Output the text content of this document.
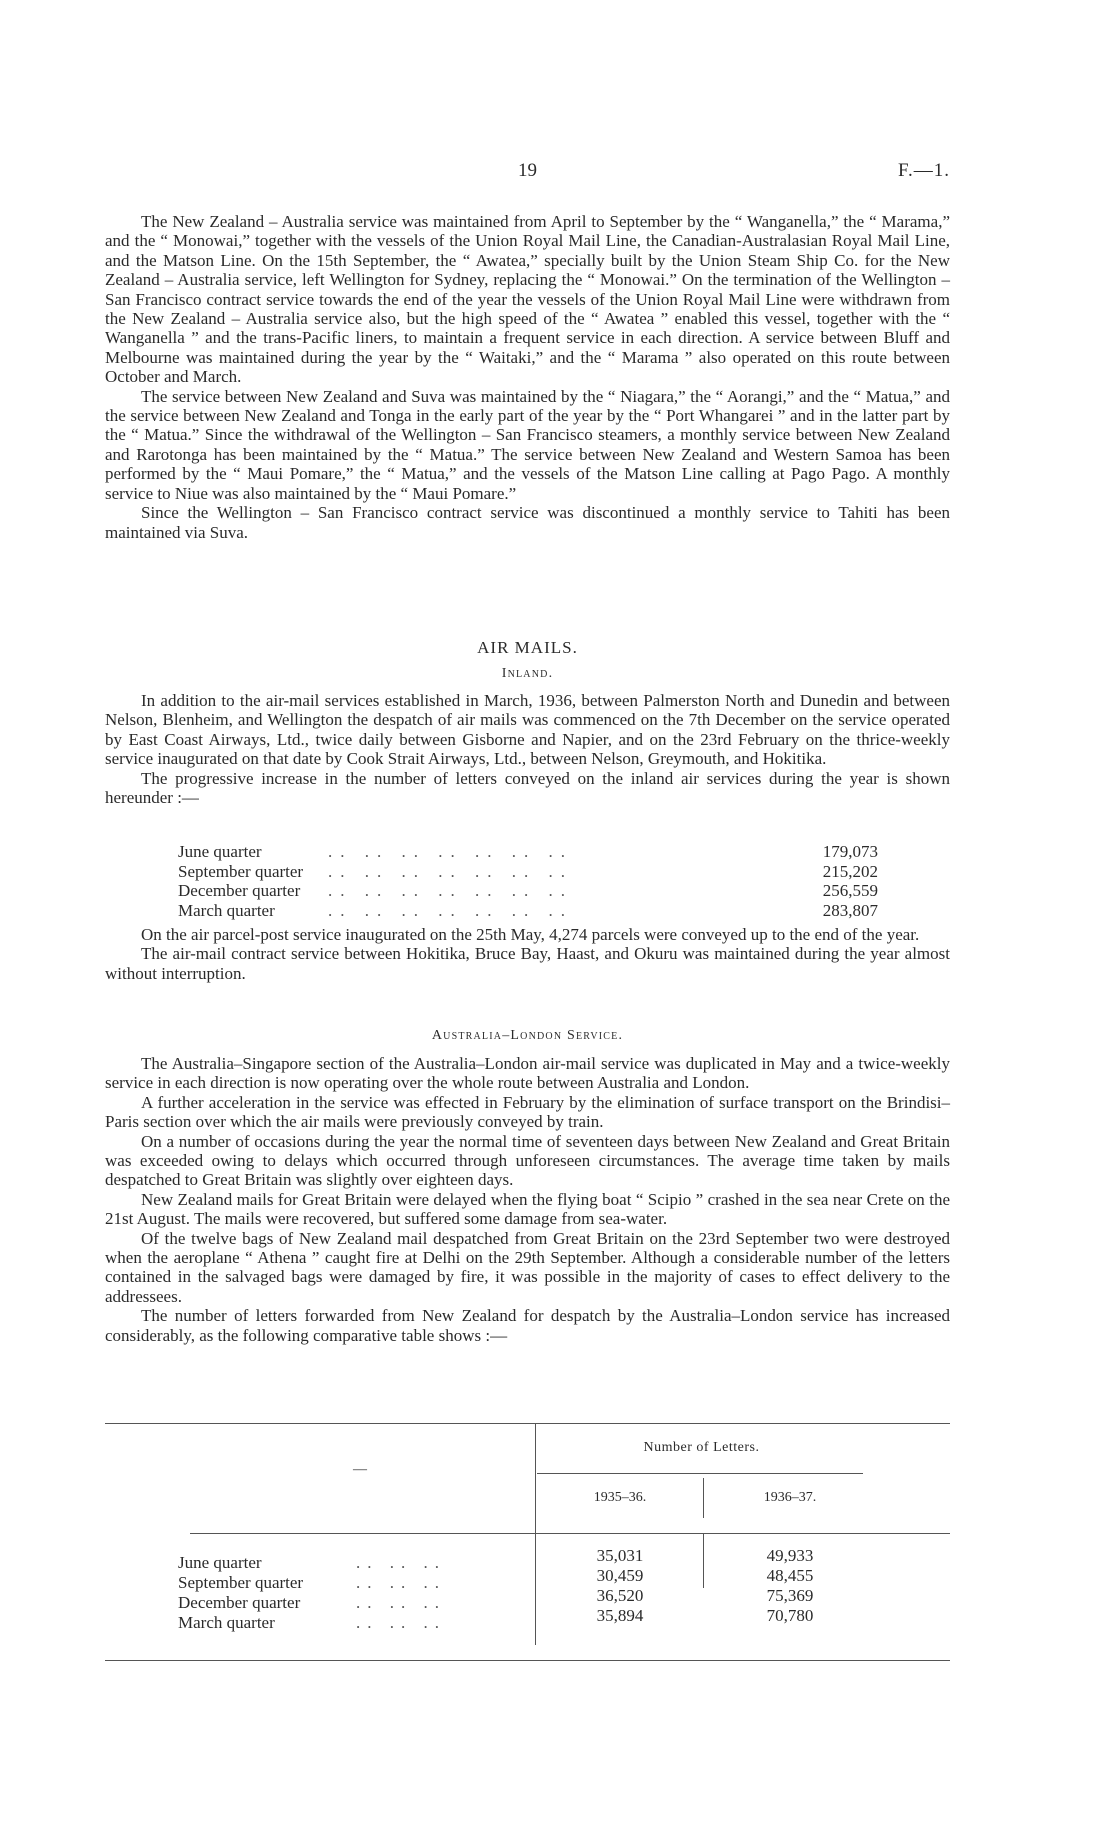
19	F.—1.

The New Zealand – Australia service was maintained from April to September by the “ Wanganella,” the “ Marama,” and the “ Monowai,” together with the vessels of the Union Royal Mail Line, the Canadian-Australasian Royal Mail Line, and the Matson Line. On the 15th September, the “ Awatea,” specially built by the Union Steam Ship Co. for the New Zealand – Australia service, left Wellington for Sydney, replacing the “ Monowai.” On the termination of the Wellington – San Francisco contract service towards the end of the year the vessels of the Union Royal Mail Line were withdrawn from the New Zealand – Australia service also, but the high speed of the “ Awatea ” enabled this vessel, together with the “ Wanganella ” and the trans-Pacific liners, to maintain a frequent service in each direction. A service between Bluff and Melbourne was maintained during the year by the “ Waitaki,” and the “ Marama ” also operated on this route between October and March.

The service between New Zealand and Suva was maintained by the “ Niagara,” the “ Aorangi,” and the “ Matua,” and the service between New Zealand and Tonga in the early part of the year by the “ Port Whangarei ” and in the latter part by the “ Matua.” Since the withdrawal of the Wellington – San Francisco steamers, a monthly service between New Zealand and Rarotonga has been maintained by the “ Matua.” The service between New Zealand and Western Samoa has been performed by the “ Maui Pomare,” the “ Matua,” and the vessels of the Matson Line calling at Pago Pago. A monthly service to Niue was also maintained by the “ Maui Pomare.”

Since the Wellington – San Francisco contract service was discontinued a monthly service to Tahiti has been maintained via Suva.

AIR MAILS.
Inland.

In addition to the air-mail services established in March, 1936, between Palmerston North and Dunedin and between Nelson, Blenheim, and Wellington the despatch of air mails was commenced on the 7th December on the service operated by East Coast Airways, Ltd., twice daily between Gisborne and Napier, and on the 23rd February on the thrice-weekly service inaugurated on that date by Cook Strait Airways, Ltd., between Nelson, Greymouth, and Hokitika.

The progressive increase in the number of letters conveyed on the inland air services during the year is shown hereunder :—

June quarter	.. .. .. .. .. .. ..	179,073
September quarter .. .. .. .. .. .. ..	215,202
December quarter .. .. .. .. .. .. ..	256,559
March quarter	.. .. .. .. .. .. ..	283,807

On the air parcel-post service inaugurated on the 25th May, 4,274 parcels were conveyed up to the end of the year.

The air-mail contract service between Hokitika, Bruce Bay, Haast, and Okuru was maintained during the year almost without interruption.

Australia–London Service.

The Australia–Singapore section of the Australia–London air-mail service was duplicated in May and a twice-weekly service in each direction is now operating over the whole route between Australia and London.

A further acceleration in the service was effected in February by the elimination of surface transport on the Brindisi–Paris section over which the air mails were previously conveyed by train.

On a number of occasions during the year the normal time of seventeen days between New Zealand and Great Britain was exceeded owing to delays which occurred through unforeseen circumstances. The average time taken by mails despatched to Great Britain was slightly over eighteen days.

New Zealand mails for Great Britain were delayed when the flying boat “ Scipio ” crashed in the sea near Crete on the 21st August. The mails were recovered, but suffered some damage from sea-water.

Of the twelve bags of New Zealand mail despatched from Great Britain on the 23rd September two were destroyed when the aeroplane “ Athena ” caught fire at Delhi on the 29th September. Although a considerable number of the letters contained in the salvaged bags were damaged by fire, it was possible in the majority of cases to effect delivery to the addressees.

The number of letters forwarded from New Zealand for despatch by the Australia–London service has increased considerably, as the following comparative table shows :—

—
Number of Letters.
1935–36.	1936–37.
June quarter	.. .. ..	35,031	49,933
September quarter	.. .. ..	30,459	48,455
December quarter	.. .. ..	36,520	75,369
March quarter	.. .. ..	35,894	70,780
